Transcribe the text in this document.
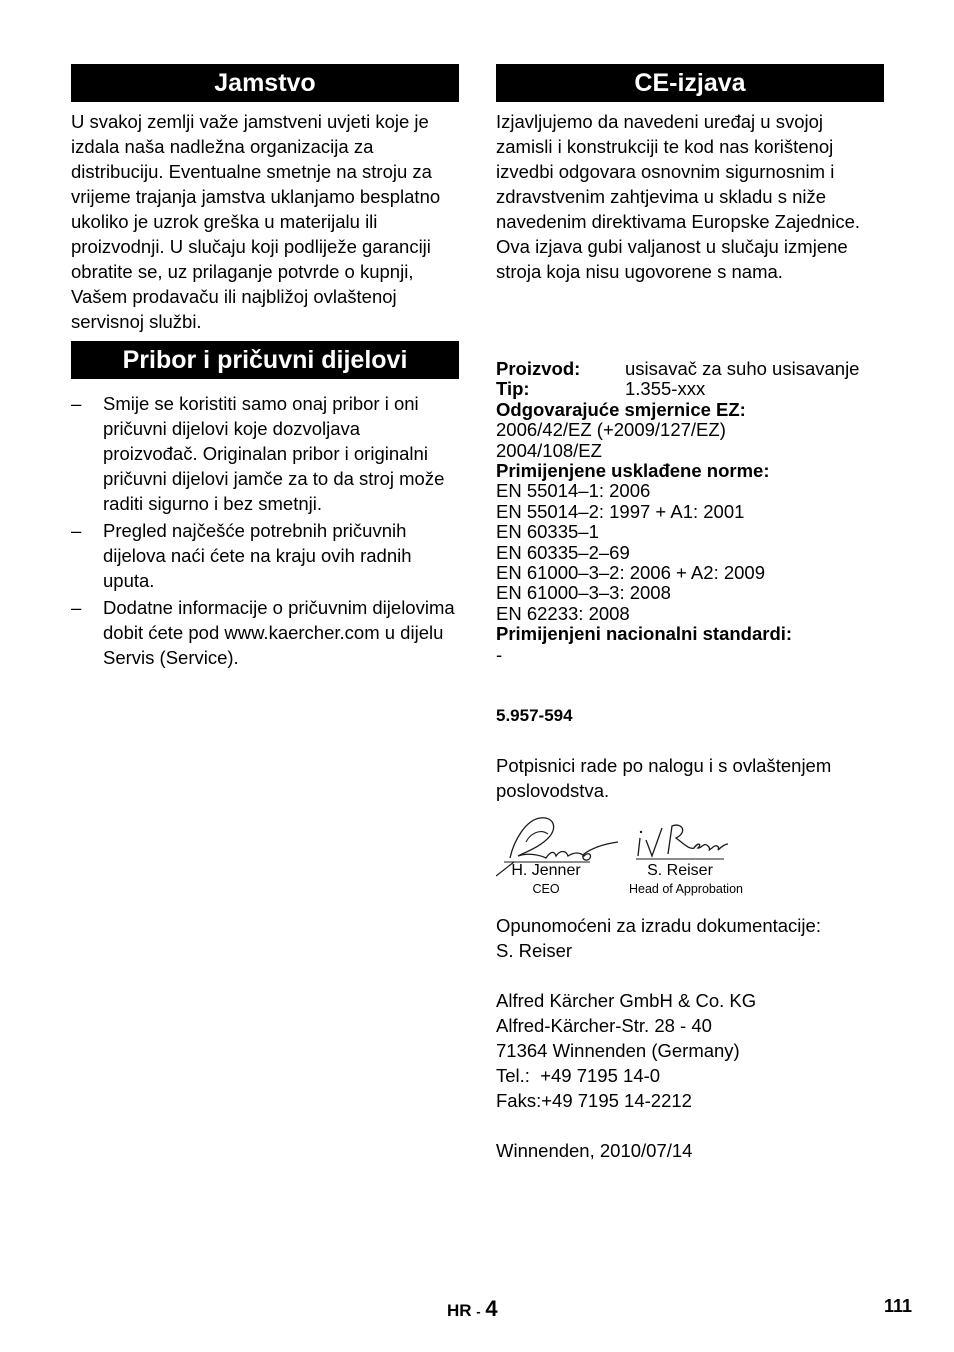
Jamstvo

U svakoj zemlji važe jamstveni uvjeti koje je izdala naša nadležna organizacija za distribuciju. Eventualne smetnje na stroju za vrijeme trajanja jamstva uklanjamo besplatno ukoliko je uzrok greška u materijalu ili proizvodnji. U slučaju koji podliježe garanciji obratite se, uz prilaganje potvrde o kupnji, Vašem prodavaču ili najbližoj ovlaštenoj servisnoj službi.

Pribor i pričuvni dijelovi
– Smije se koristiti samo onaj pribor i oni pričuvni dijelovi koje dozvoljava proizvođač. Originalan pribor i originalni pričuvni dijelovi jamče za to da stroj može raditi sigurno i bez smetnji.
– Pregled najčešće potrebnih pričuvnih dijelova naći ćete na kraju ovih radnih uputa.
– Dodatne informacije o pričuvnim dijelovima dobit ćete pod www.kaercher.com u dijelu Servis (Service).
CE-izjava

Izjavljujemo da navedeni uređaj u svojoj zamisli i konstrukciji te kod nas korištenoj izvedbi odgovara osnovnim sigurnosnim i zdravstvenim zahtjevima u skladu s niže navedenim direktivama Europske Zajednice. Ova izjava gubi valjanost u slučaju izmjene stroja koja nisu ugovorene s nama.

Proizvod:	usisavač za suho usisavanje
Tip:	1.355-xxx
Odgovarajuće smjernice EZ:
2006/42/EZ (+2009/127/EZ)
2004/108/EZ
Primijenjene usklađene norme:
EN 55014–1: 2006
EN 55014–2: 1997 + A1: 2001
EN 60335–1
EN 60335–2–69
EN 61000–3–2: 2006 + A2: 2009
EN 61000–3–3: 2008
EN 62233: 2008
Primijenjeni nacionalni standardi:
-
5.957-594
Potpisnici rade po nalogu i s ovlaštenjem poslovodstva.
H. Jenner
CEO
S. Reiser
Head of Approbation
Opunomoćeni za izradu dokumentacije:
S. Reiser
Alfred Kärcher GmbH & Co. KG
Alfred-Kärcher-Str. 28 - 40
71364 Winnenden (Germany)
Tel.:  +49 7195 14-0
Faks:+49 7195 14-2212
Winnenden, 2010/07/14
HR - 4	111
